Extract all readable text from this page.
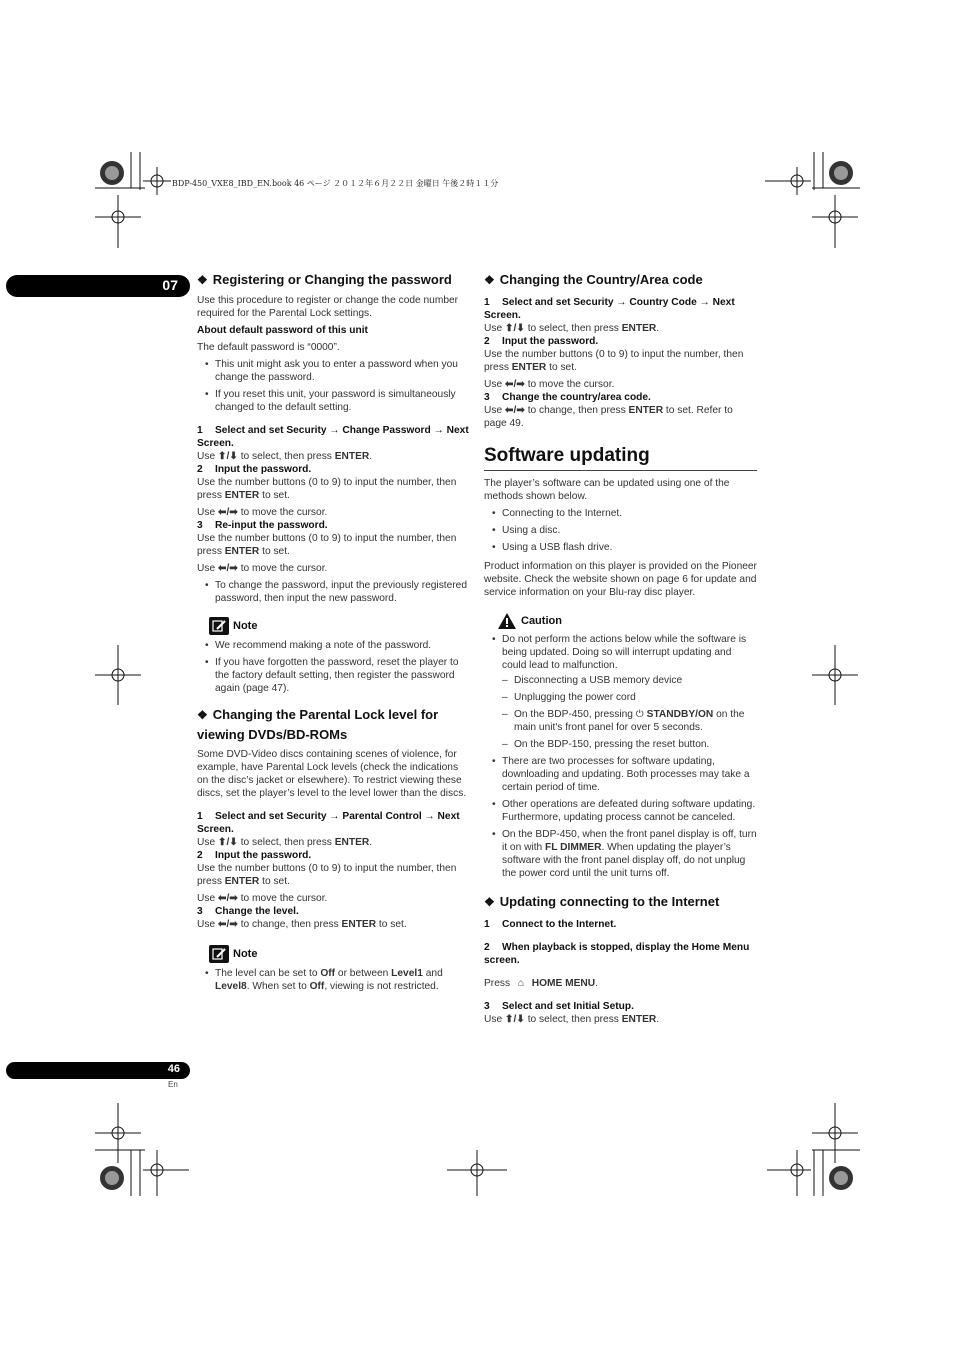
BDP-450_VXE8_IBD_EN.book 46 ページ ２０１２年６月２２日 金曜日 午後２時１１分
07
46
En
❖ Registering or Changing the password

Use this procedure to register or change the code number required for the Parental Lock settings.

About default password of this unit

The default password is “0000”.

• This unit might ask you to enter a password when you change the password.
• If you reset this unit, your password is simultaneously changed to the default setting.

1 Select and set Security → Change Password → Next Screen.

Use ⬆/⬇ to select, then press ENTER.

2 Input the password.

Use the number buttons (0 to 9) to input the number, then press ENTER to set.

Use ⬅/➡ to move the cursor.

3 Re-input the password.

Use the number buttons (0 to 9) to input the number, then press ENTER to set.

Use ⬅/➡ to move the cursor.

• To change the password, input the previously registered password, then input the new password.
Note
• We recommend making a note of the password.
• If you have forgotten the password, reset the player to the factory default setting, then register the password again (page 47).
❖ Changing the Parental Lock level for viewing DVDs/BD-ROMs

Some DVD-Video discs containing scenes of violence, for example, have Parental Lock levels (check the indications on the disc’s jacket or elsewhere). To restrict viewing these discs, set the player’s level to the level lower than the discs.

1 Select and set Security → Parental Control → Next Screen.

Use ⬆/⬇ to select, then press ENTER.

2 Input the password.

Use the number buttons (0 to 9) to input the number, then press ENTER to set.

Use ⬅/➡ to move the cursor.

3 Change the level.

Use ⬅/➡ to change, then press ENTER to set.

Note
• The level can be set to Off or between Level1 and Level8. When set to Off, viewing is not restricted.
❖ Changing the Country/Area code

1 Select and set Security → Country Code → Next Screen.

Use ⬆/⬇ to select, then press ENTER.

2 Input the password.

Use the number buttons (0 to 9) to input the number, then press ENTER to set.

Use ⬅/➡ to move the cursor.

3 Change the country/area code.

Use ⬅/➡ to change, then press ENTER to set. Refer to page 49.

Software updating

The player’s software can be updated using one of the methods shown below.

• Connecting to the Internet.
• Using a disc.
• Using a USB flash drive.

Product information on this player is provided on the Pioneer website. Check the website shown on page 6 for update and service information on your Blu-ray disc player.

Caution
• Do not perform the actions below while the software is being updated. Doing so will interrupt updating and could lead to malfunction.
– Disconnecting a USB memory device
– Unplugging the power cord
– On the BDP-450, pressing ⏻ STANDBY/ON on the main unit's front panel for over 5 seconds.
– On the BDP-150, pressing the reset button.
• There are two processes for software updating, downloading and updating. Both processes may take a certain period of time.
• Other operations are defeated during software updating. Furthermore, updating process cannot be canceled.
• On the BDP-450, when the front panel display is off, turn it on with FL DIMMER. When updating the player’s software with the front panel display off, do not unplug the power cord until the unit turns off.
❖ Updating connecting to the Internet

1 Connect to the Internet.

2 When playback is stopped, display the Home Menu screen.

Press ⌂ HOME MENU.

3 Select and set Initial Setup.

Use ⬆/⬇ to select, then press ENTER.
